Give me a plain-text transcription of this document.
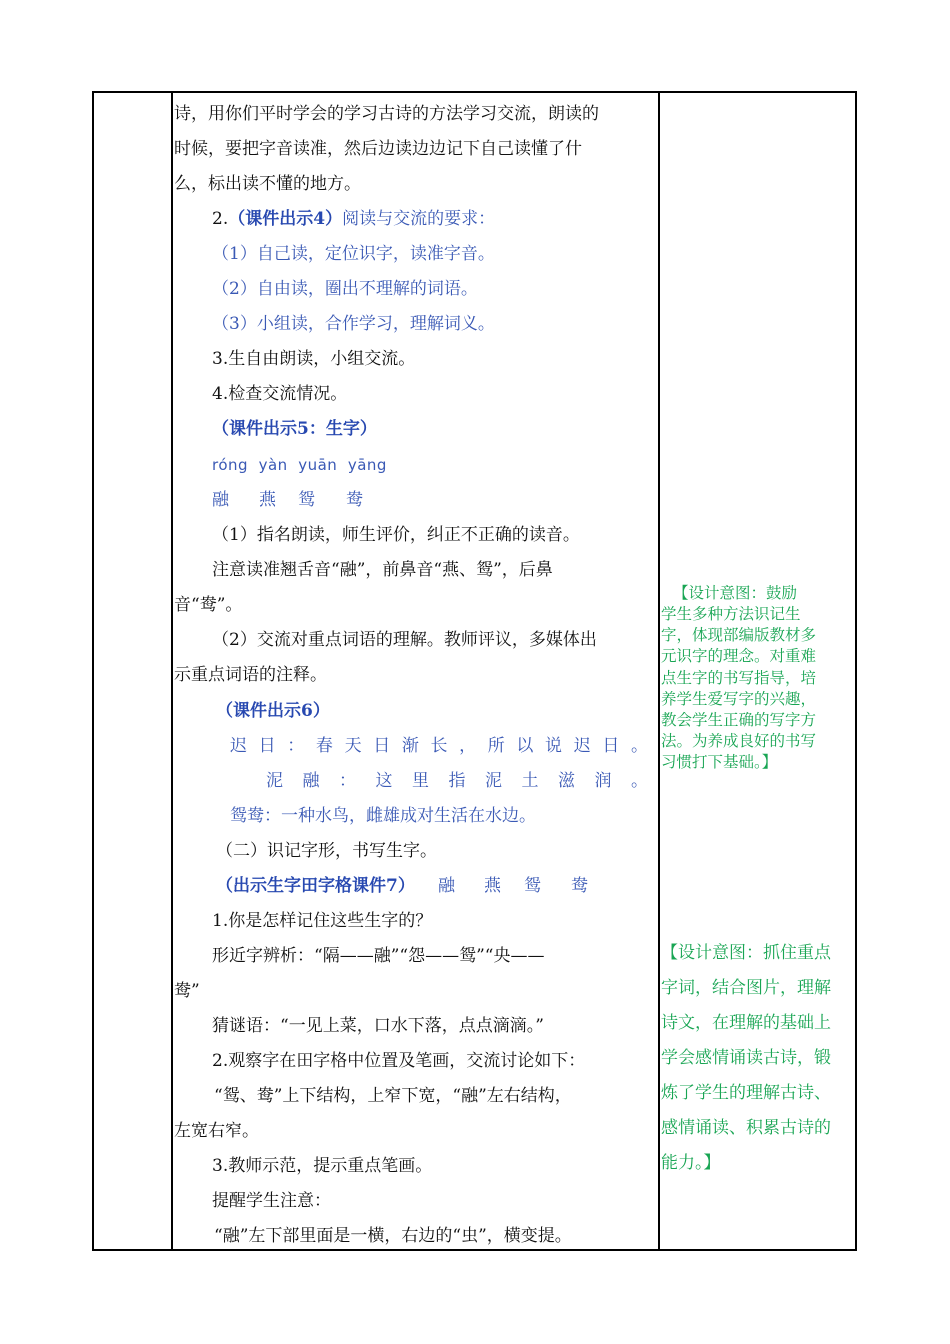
诗，用你们平时学会的学习古诗的方法学习交流，朗读的
时候，要把字音读准，然后边读边边记下自己读懂了什
么，标出读不懂的地方。
2.（课件出示4）阅读与交流的要求：
（1）自己读，定位识字，读准字音。
（2）自由读，圈出不理解的词语。
（3）小组读，合作学习，理解词义。
3.生自由朗读，小组交流。
4.检查交流情况。
（课件出示5：生字）
róng yàn yuān yāng
融 燕 鸳 鸯
（1）指名朗读，师生评价，纠正不正确的读音。
注意读准翘舌音“融”，前鼻音“燕、鸳”，后鼻
音“鸯”。
（2）交流对重点词语的理解。教师评议，多媒体出
示重点词语的注释。
（课件出示6）
迟 日 ： 春 天 日 渐 长 ， 所 以 说 迟 日 。
泥 融 ： 这 里 指 泥 土 滋 润 。
鸳鸯：一种水鸟，雌雄成对生活在水边。
（二）识记字形，书写生字。
（出示生字田字格课件7） 融 燕 鸳 鸯
1.你是怎样记住这些生字的？
形近字辨析：“隔——融”“怨——鸳”“央——
鸯”
猜谜语：“一见上菜，口水下落，点点滴滴。”
2.观察字在田字格中位置及笔画，交流讨论如下：
“鸳、鸯”上下结构，上窄下宽，“融”左右结构，
左宽右窄。
3.教师示范，提示重点笔画。
提醒学生注意：
“融”左下部里面是一横，右边的“虫”，横变提。
【设计意图：鼓励
学生多种方法识记生
字，体现部编版教材多
元识字的理念。对重难
点生字的书写指导，培
养学生爱写字的兴趣，
教会学生正确的写字方
法。为养成良好的书写
习惯打下基础。】
【设计意图：抓住重点
字词，结合图片，理解
诗文，在理解的基础上
学会感情诵读古诗，锻
炼了学生的理解古诗、
感情诵读、积累古诗的
能力。】
